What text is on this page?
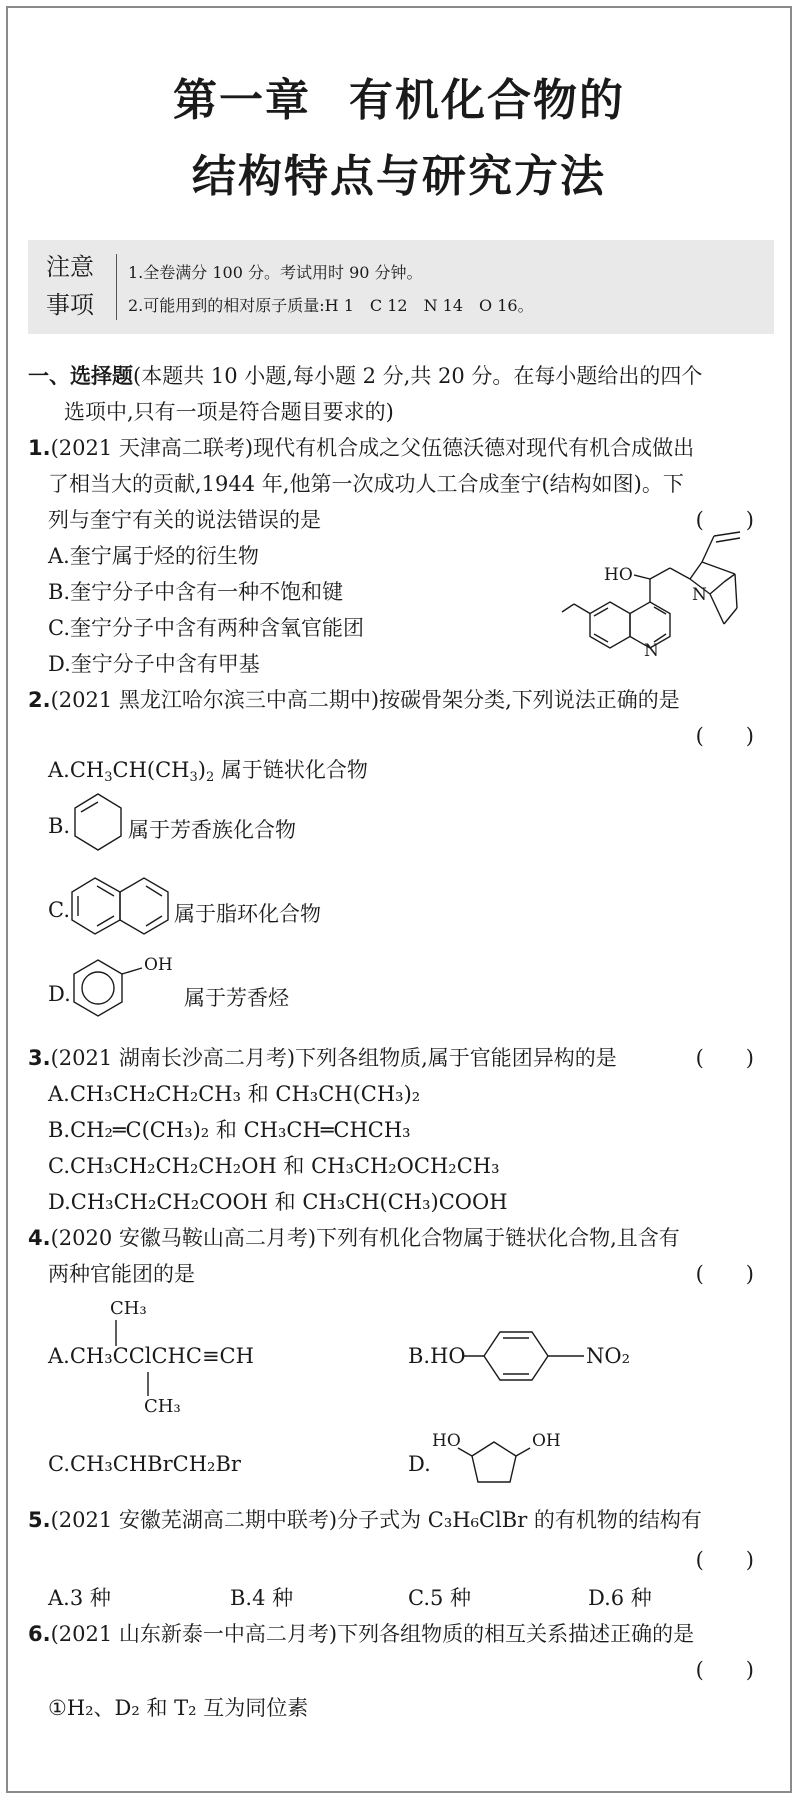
第一章 有机化合物的
结构特点与研究方法
注意
事项
1.全卷满分 100 分。考试用时 90 分钟。
2.可能用到的相对原子质量:H 1　C 12　N 14　O 16。
一、选择题(本题共 10 小题,每小题 2 分,共 20 分。在每小题给出的四个
选项中,只有一项是符合题目要求的)
1.(2021 天津高二联考)现代有机合成之父伍德沃德对现代有机合成做出
了相当大的贡献,1944 年,他第一次成功人工合成奎宁(结构如图)。下
列与奎宁有关的说法错误的是	(　　)
A.奎宁属于烃的衍生物
B.奎宁分子中含有一种不饱和键
C.奎宁分子中含有两种含氧官能团
D.奎宁分子中含有甲基
HO
N
N
2.(2021 黑龙江哈尔滨三中高二期中)按碳骨架分类,下列说法正确的是
(　　)
$A.CH_3CH(CH_3)_2$ 属于链状化合物
B.	属于芳香族化合物
C.	属于脂环化合物
D.
OH
属于芳香烃
3.(2021 湖南长沙高二月考)下列各组物质,属于官能团异构的是	(　　)
A.CH₃CH₂CH₂CH₃ 和 CH₃CH(CH₃)₂
B.CH₂═C(CH₃)₂ 和 CH₃CH═CHCH₃
C.CH₃CH₂CH₂CH₂OH 和 CH₃CH₂OCH₂CH₃
D.CH₃CH₂CH₂COOH 和 CH₃CH(CH₃)COOH
4.(2020 安徽马鞍山高二月考)下列有机化合物属于链状化合物,且含有
两种官能团的是	(　　)
CH₃
A.CH₃CClCHC≡CH
CH₃
B.HO	NO₂
C.CH₃CHBrCH₂Br	D.
HO	OH
5.(2021 安徽芜湖高二期中联考)分子式为 C₃H₆ClBr 的有机物的结构有
(　　)
A.3 种	B.4 种	C.5 种	D.6 种
6.(2021 山东新泰一中高二月考)下列各组物质的相互关系描述正确的是
(　　)
①H₂、D₂ 和 T₂ 互为同位素
